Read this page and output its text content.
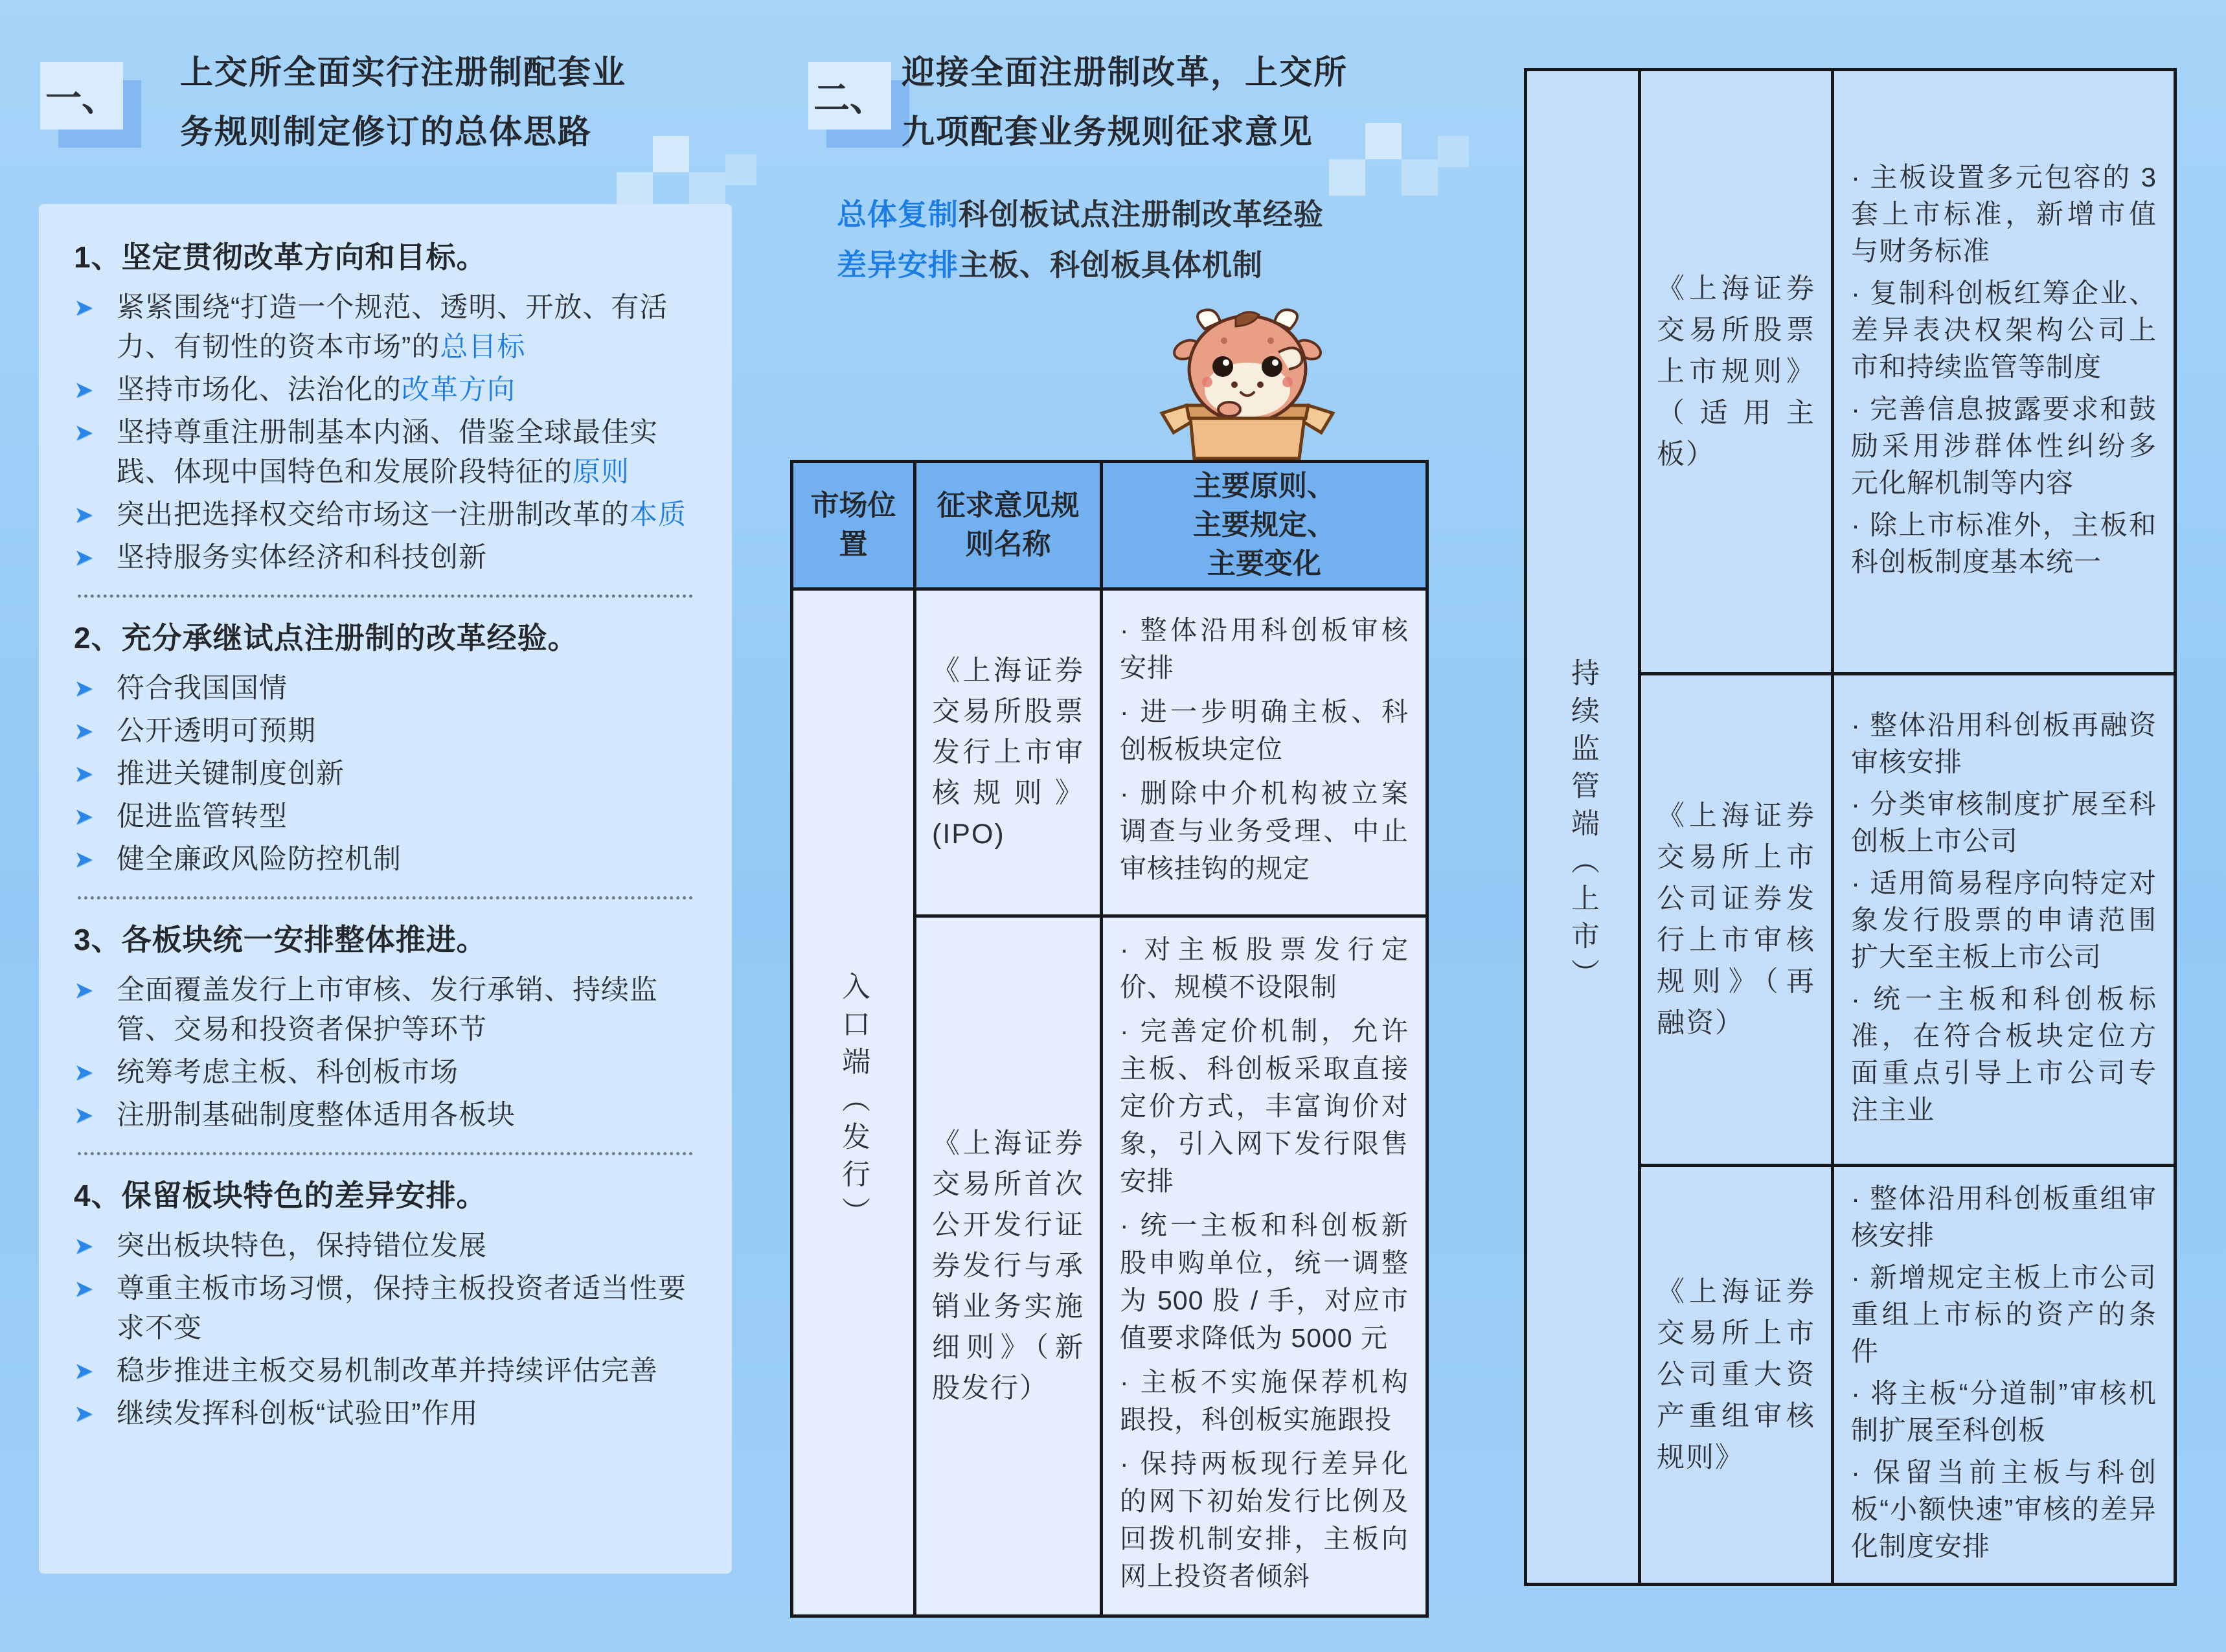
一、
上交所全面实行注册制配套业
务规则制定修订的总体思路
1、坚定贯彻改革方向和目标。
➤ 紧紧围绕“打造一个规范、透明、开放、有活力、有韧性的资本市场”的总目标
➤ 坚持市场化、法治化的改革方向
➤ 坚持尊重注册制基本内涵、借鉴全球最佳实践、体现中国特色和发展阶段特征的原则
➤ 突出把选择权交给市场这一注册制改革的本质
➤ 坚持服务实体经济和科技创新
2、充分承继试点注册制的改革经验。
➤ 符合我国国情
➤ 公开透明可预期
➤ 推进关键制度创新
➤ 促进监管转型
➤ 健全廉政风险防控机制
3、各板块统一安排整体推进。
➤ 全面覆盖发行上市审核、发行承销、持续监管、交易和投资者保护等环节
➤ 统筹考虑主板、科创板市场
➤ 注册制基础制度整体适用各板块
4、保留板块特色的差异安排。
➤ 突出板块特色，保持错位发展
➤ 尊重主板市场习惯，保持主板投资者适当性要求不变
➤ 稳步推进主板交易机制改革并持续评估完善
➤ 继续发挥科创板“试验田”作用
二、
迎接全面注册制改革，上交所
九项配套业务规则征求意见
总体复制科创板试点注册制改革经验
差异安排主板、科创板具体机制
市场位置	征求意见规则名称	主要原则、
主要规定、
主要变化

入口端（发行）	《上海证券交易所股票发行上市审核规则》(IPO)	· 整体沿用科创板审核安排
· 进一步明确主板、科创板板块定位
· 删除中介机构被立案调查与业务受理、中止审核挂钩的规定

	《上海证券交易所首次公开发行证券发行与承销业务实施细则》（新股发行）	· 对主板股票发行定价、规模不设限制
· 完善定价机制，允许主板、科创板采取直接定价方式，丰富询价对象，引入网下发行限售安排
· 统一主板和科创板新股申购单位，统一调整为 500 股 / 手，对应市值要求降低为 5000 元
· 主板不实施保荐机构跟投，科创板实施跟投
· 保持两板现行差异化的网下初始发行比例及回拨机制安排，主板向网上投资者倾斜
持续监管端（上市）	《上海证券交易所股票上市规则》（适用主板）	· 主板设置多元包容的 3 套上市标准，新增市值与财务标准
· 复制科创板红筹企业、差异表决权架构公司上市和持续监管等制度
· 完善信息披露要求和鼓励采用涉群体性纠纷多元化解机制等内容
· 除上市标准外，主板和科创板制度基本统一

	《上海证券交易所上市公司证券发行上市审核规则》（再融资）	· 整体沿用科创板再融资审核安排
· 分类审核制度扩展至科创板上市公司
· 适用简易程序向特定对象发行股票的申请范围扩大至主板上市公司
· 统一主板和科创板标准，在符合板块定位方面重点引导上市公司专注主业

	《上海证券交易所上市公司重大资产重组审核规则》	· 整体沿用科创板重组审核安排
· 新增规定主板上市公司重组上市标的资产的条件
· 将主板“分道制”审核机制扩展至科创板
· 保留当前主板与科创板“小额快速”审核的差异化制度安排
